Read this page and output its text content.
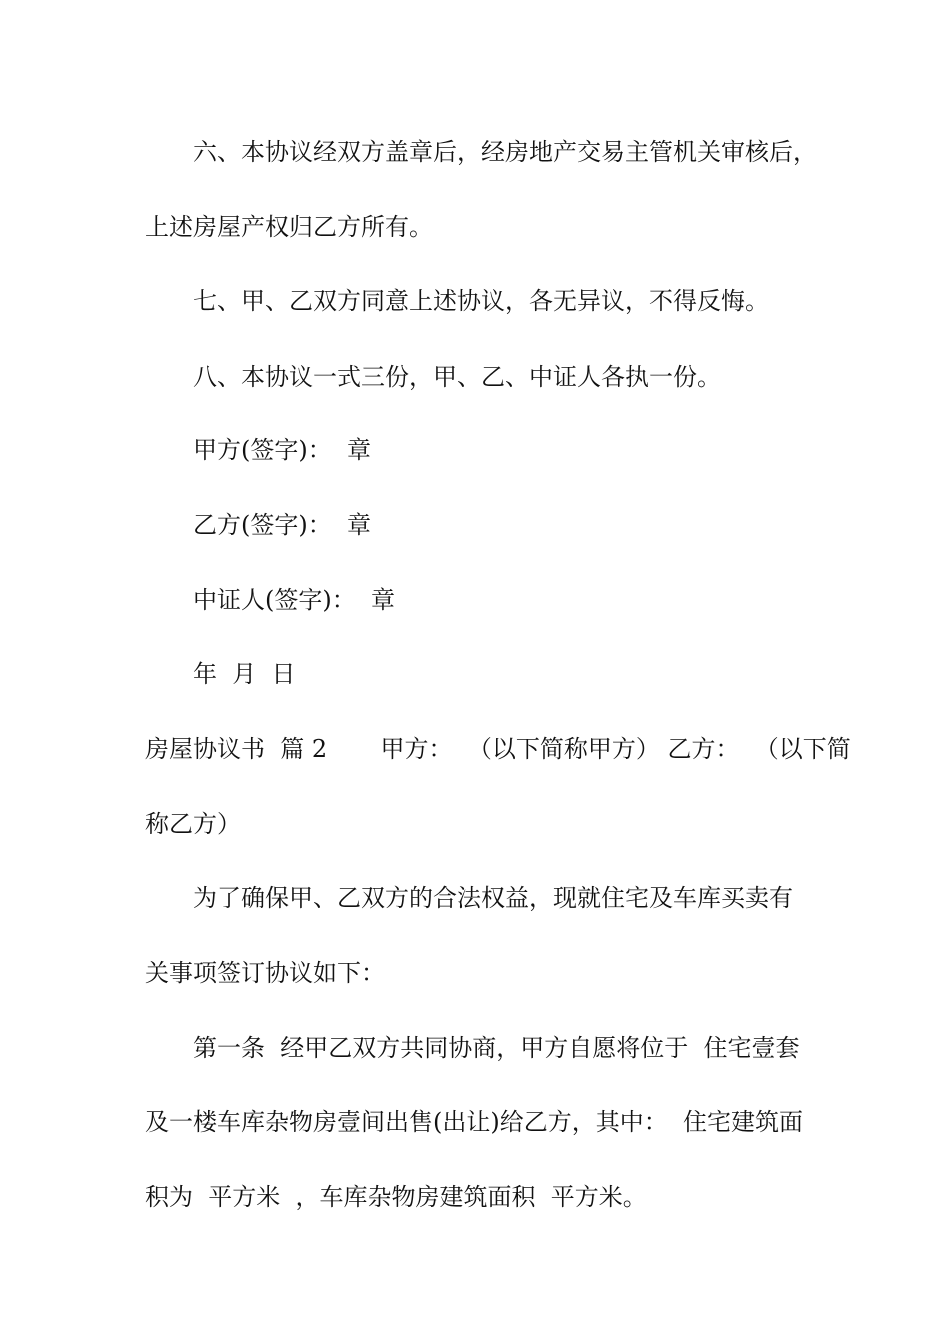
六、本协议经双方盖章后，经房地产交易主管机关审核后，
上述房屋产权归乙方所有。
七、甲、乙双方同意上述协议，各无异议，不得反悔。
八、本协议一式三份，甲、乙、中证人各执一份。
甲方(签字)：  章
乙方(签字)：  章
中证人(签字)：  章
年  月  日
房屋协议书  篇 2       甲方：  （以下简称甲方） 乙方：  （以下简
称乙方）
为了确保甲、乙双方的合法权益，现就住宅及车库买卖有
关事项签订协议如下：
第一条  经甲乙双方共同协商，甲方自愿将位于  住宅壹套
及一楼车库杂物房壹间出售(出让)给乙方，其中：  住宅建筑面
积为  平方米  ，车库杂物房建筑面积  平方米。
